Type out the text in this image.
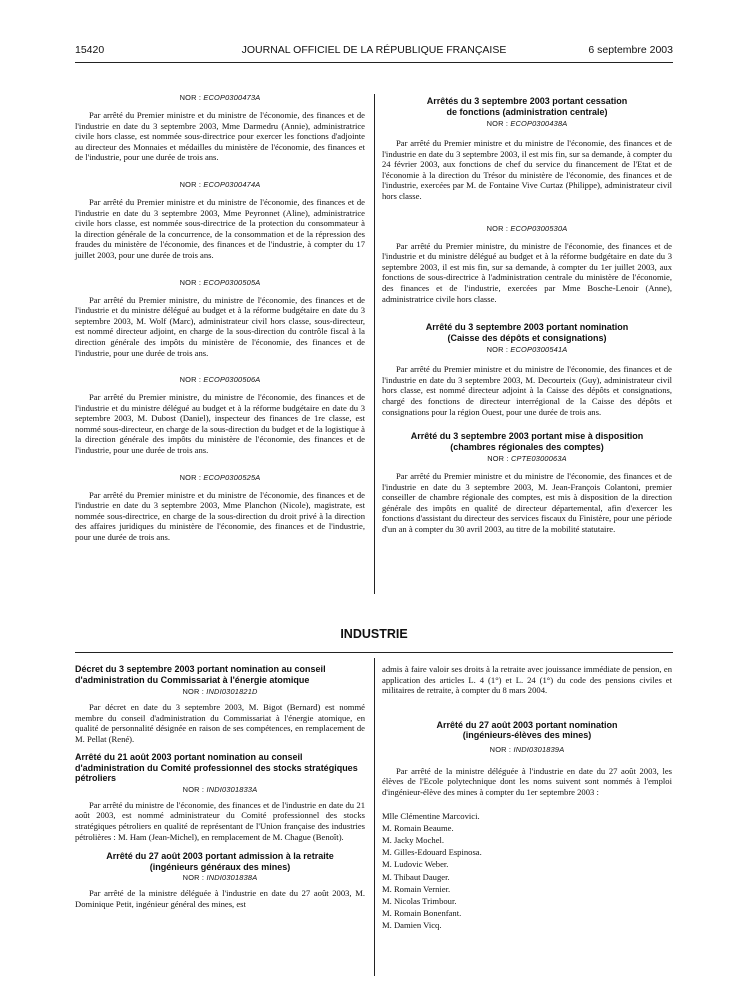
15420	JOURNAL OFFICIEL DE LA RÉPUBLIQUE FRANÇAISE	6 septembre 2003
NOR : ECOP0300473A

Par arrêté du Premier ministre et du ministre de l'économie, des finances et de l'industrie en date du 3 septembre 2003, Mme Darmedru (Annie), administratrice civile hors classe, est nommée sous-directrice pour exercer les fonctions d'adjointe au directeur des Monnaies et médailles du ministère de l'économie, des finances et de l'industrie, pour une durée de trois ans.

NOR : ECOP0300474A

Par arrêté du Premier ministre et du ministre de l'économie, des finances et de l'industrie en date du 3 septembre 2003, Mme Peyronnet (Aline), administratrice civile hors classe, est nommée sous-directrice de la protection du consommateur à la direction générale de la concurrence, de la consommation et de la répression des fraudes du ministère de l'économie, des finances et de l'industrie, à compter du 17 juillet 2003, pour une durée de trois ans.

NOR : ECOP0300505A

Par arrêté du Premier ministre, du ministre de l'économie, des finances et de l'industrie et du ministre délégué au budget et à la réforme budgétaire en date du 3 septembre 2003, M. Wolf (Marc), administrateur civil hors classe, sous-directeur, est nommé directeur adjoint, en charge de la sous-direction du contrôle fiscal à la direction générale des impôts du ministère de l'économie, des finances et de l'industrie, pour une durée de trois ans.

NOR : ECOP0300506A

Par arrêté du Premier ministre, du ministre de l'économie, des finances et de l'industrie et du ministre délégué au budget et à la réforme budgétaire en date du 3 septembre 2003, M. Dubost (Daniel), inspecteur des finances de 1re classe, est nommé sous-directeur, en charge de la sous-direction du budget et de la logistique à la direction générale des impôts du ministère de l'économie, des finances et de l'industrie, pour une durée de trois ans.

NOR : ECOP0300525A

Par arrêté du Premier ministre et du ministre de l'économie, des finances et de l'industrie en date du 3 septembre 2003, Mme Planchon (Nicole), magistrate, est nommée sous-directrice, en charge de la sous-direction du droit privé à la direction des affaires juridiques du ministère de l'économie, des finances et de l'industrie, pour une durée de trois ans.

Arrêtés du 3 septembre 2003 portant cessation
de fonctions (administration centrale)
NOR : ECOP0300438A

Par arrêté du Premier ministre et du ministre de l'économie, des finances et de l'industrie en date du 3 septembre 2003, il est mis fin, sur sa demande, à compter du 24 février 2003, aux fonctions de chef du service du financement de l'Etat et de l'économie à la direction du Trésor du ministère de l'économie, des finances et de l'industrie, exercées par M. de Fontaine Vive Curtaz (Philippe), administrateur civil hors classe.

NOR : ECOP0300530A

Par arrêté du Premier ministre, du ministre de l'économie, des finances et de l'industrie et du ministre délégué au budget et à la réforme budgétaire en date du 3 septembre 2003, il est mis fin, sur sa demande, à compter du 1er juillet 2003, aux fonctions de sous-directrice à l'administration centrale du ministère de l'économie, des finances et de l'industrie, exercées par Mme Bosche-Lenoir (Anne), administratrice civile hors classe.

Arrêté du 3 septembre 2003 portant nomination
(Caisse des dépôts et consignations)
NOR : ECOP0300541A

Par arrêté du Premier ministre et du ministre de l'économie, des finances et de l'industrie en date du 3 septembre 2003, M. Decourteix (Guy), administrateur civil hors classe, est nommé directeur adjoint à la Caisse des dépôts et consignations, chargé des fonctions de directeur interrégional de la Caisse des dépôts et consignations pour la région Ouest, pour une durée de trois ans.

Arrêté du 3 septembre 2003 portant mise à disposition
(chambres régionales des comptes)
NOR : CPTE0300063A

Par arrêté du Premier ministre et du ministre de l'économie, des finances et de l'industrie en date du 3 septembre 2003, M. Jean-François Colantoni, premier conseiller de chambre régionale des comptes, est mis à disposition de la direction générale des impôts en qualité de directeur départemental, afin d'exercer les fonctions d'assistant du directeur des services fiscaux du Finistère, pour une période d'un an à compter du 30 avril 2003, au titre de la mobilité statutaire.

INDUSTRIE
Décret du 3 septembre 2003 portant nomination au conseil d'administration du Commissariat à l'énergie atomique
NOR : INDI0301821D

Par décret en date du 3 septembre 2003, M. Bigot (Bernard) est nommé membre du conseil d'administration du Commissariat à l'énergie atomique, en qualité de personnalité désignée en raison de ses compétences, en remplacement de M. Pellat (René).

Arrêté du 21 août 2003 portant nomination au conseil d'administration du Comité professionnel des stocks stratégiques pétroliers
NOR : INDI0301833A

Par arrêté du ministre de l'économie, des finances et de l'industrie en date du 21 août 2003, est nommé administrateur du Comité professionnel des stocks stratégiques pétroliers en qualité de représentant de l'Union française des industries pétrolières : M. Ham (Jean-Michel), en remplacement de M. Chague (Benoît).

Arrêté du 27 août 2003 portant admission à la retraite
(ingénieurs généraux des mines)
NOR : INDI0301838A

Par arrêté de la ministre déléguée à l'industrie en date du 27 août 2003, M. Dominique Petit, ingénieur général des mines, est

admis à faire valoir ses droits à la retraite avec jouissance immédiate de pension, en application des articles L. 4 (1°) et L. 24 (1°) du code des pensions civiles et militaires de retraite, à compter du 8 mars 2004.

Arrêté du 27 août 2003 portant nomination
(ingénieurs-élèves des mines)
NOR : INDI0301839A

Par arrêté de la ministre déléguée à l'industrie en date du 27 août 2003, les élèves de l'Ecole polytechnique dont les noms suivent sont nommés à l'emploi d'ingénieur-élève des mines à compter du 1er septembre 2003 :

Mlle Clémentine Marcovici.
M. Romain Beaume.
M. Jacky Mochel.
M. Gilles-Edouard Espinosa.
M. Ludovic Weber.
M. Thibaut Dauger.
M. Romain Vernier.
M. Nicolas Trimbour.
M. Romain Bonenfant.
M. Damien Vicq.
